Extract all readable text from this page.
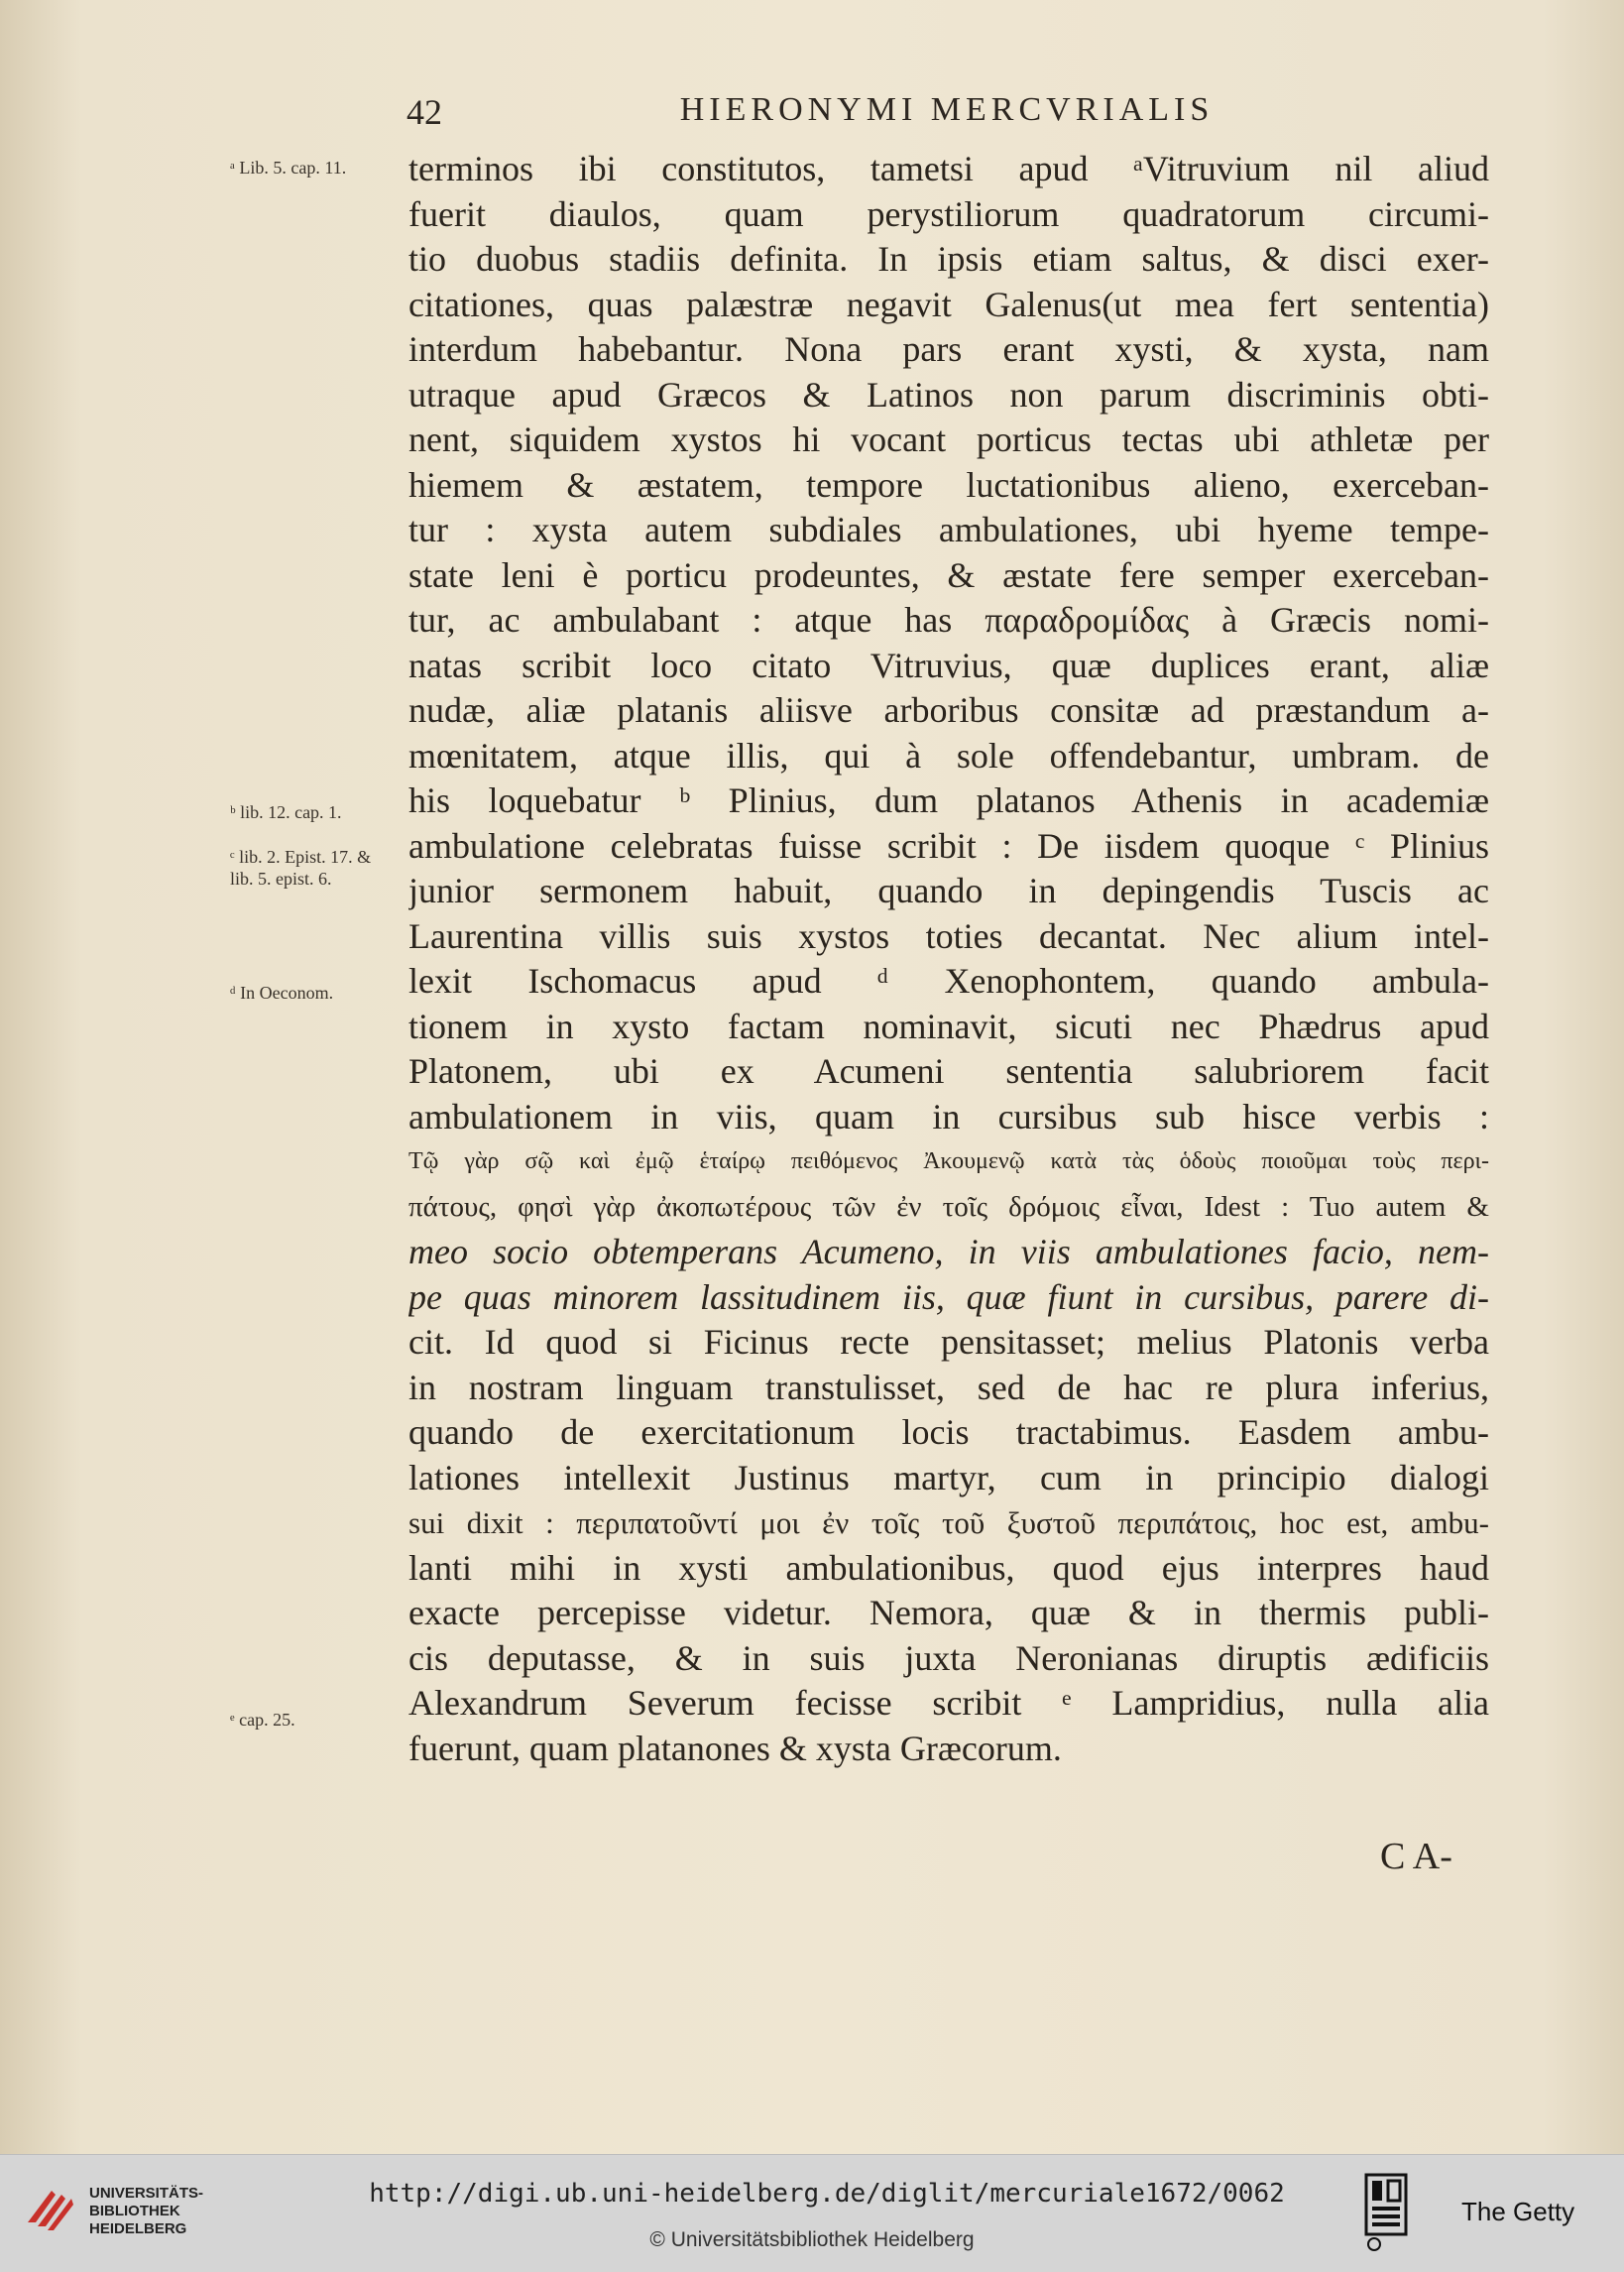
42	HIERONYMI MERCVRIALIS
ᵃ Lib. 5. cap. 11.
ᵇ lib. 12. cap. 1.
ᶜ lib. 2. Epist. 17. & lib. 5. epist. 6.
ᵈ In Oeconom.
ᵉ cap. 25.
terminos ibi constitutos, tametsi apud ᵃVitruvium nil aliud
fuerit diaulos, quam perystiliorum quadratorum circumi-
tio duobus stadiis definita. In ipsis etiam saltus, & disci exer-
citationes, quas palæstræ negavit Galenus(ut mea fert sententia)
interdum habebantur. Nona pars erant xysti, & xysta, nam
utraque apud Græcos & Latinos non parum discriminis obti-
nent, siquidem xystos hi vocant porticus tectas ubi athletæ per
hiemem & æstatem, tempore luctationibus alieno, exerceban-
tur : xysta autem subdiales ambulationes, ubi hyeme tempe-
state leni è porticu prodeuntes, & æstate fere semper exerceban-
tur, ac ambulabant : atque has παραδρομίδας à Græcis nomi-
natas scribit loco citato Vitruvius, quæ duplices erant, aliæ
nudæ, aliæ platanis aliisve arboribus consitæ ad præstandum a-
mœnitatem, atque illis, qui à sole offendebantur, umbram. de
his loquebatur ᵇ Plinius, dum platanos Athenis in academiæ
ambulatione celebratas fuisse scribit : De iisdem quoque ᶜ Plinius
junior sermonem habuit, quando in depingendis Tuscis ac
Laurentina villis suis xystos toties decantat. Nec alium intel-
lexit Ischomacus apud ᵈ Xenophontem, quando ambula-
tionem in xysto factam nominavit, sicuti nec Phædrus apud
Platonem, ubi ex Acumeni sententia salubriorem facit
ambulationem in viis, quam in cursibus sub hisce verbis :
Τῷ γὰρ σῷ καὶ ἐμῷ ἑταίρῳ πειθόμενος Ἀκουμενῷ κατὰ τὰς ὁδοὺς ποιοῦμαι τοὺς περι-
πάτους, φησὶ γὰρ ἀκοπωτέρους τῶν ἐν τοῖς δρόμοις εἶναι, Idest : Tuo autem &
meo socio obtemperans Acumeno, in viis ambulationes facio, nem-
pe quas minorem lassitudinem iis, quæ fiunt in cursibus, parere di-
cit. Id quod si Ficinus recte pensitasset; melius Platonis verba
in nostram linguam transtulisset, sed de hac re plura inferius,
quando de exercitationum locis tractabimus. Easdem ambu-
lationes intellexit Justinus martyr, cum in principio dialogi
sui dixit : περιπατοῦντί μοι ἐν τοῖς τοῦ ξυστοῦ περιπάτοις, hoc est, ambu-
lanti mihi in xysti ambulationibus, quod ejus interpres haud
exacte percepisse videtur. Nemora, quæ & in thermis publi-
cis deputasse, & in suis juxta Neronianas diruptis ædificiis
Alexandrum Severum fecisse scribit ᵉ Lampridius, nulla alia
fuerunt, quam platanones & xysta Græcorum.
C A-
UNIVERSITÄTS-
BIBLIOTHEK
HEIDELBERG
http://digi.ub.uni-heidelberg.de/diglit/mercuriale1672/0062
© Universitätsbibliothek Heidelberg
The Getty
